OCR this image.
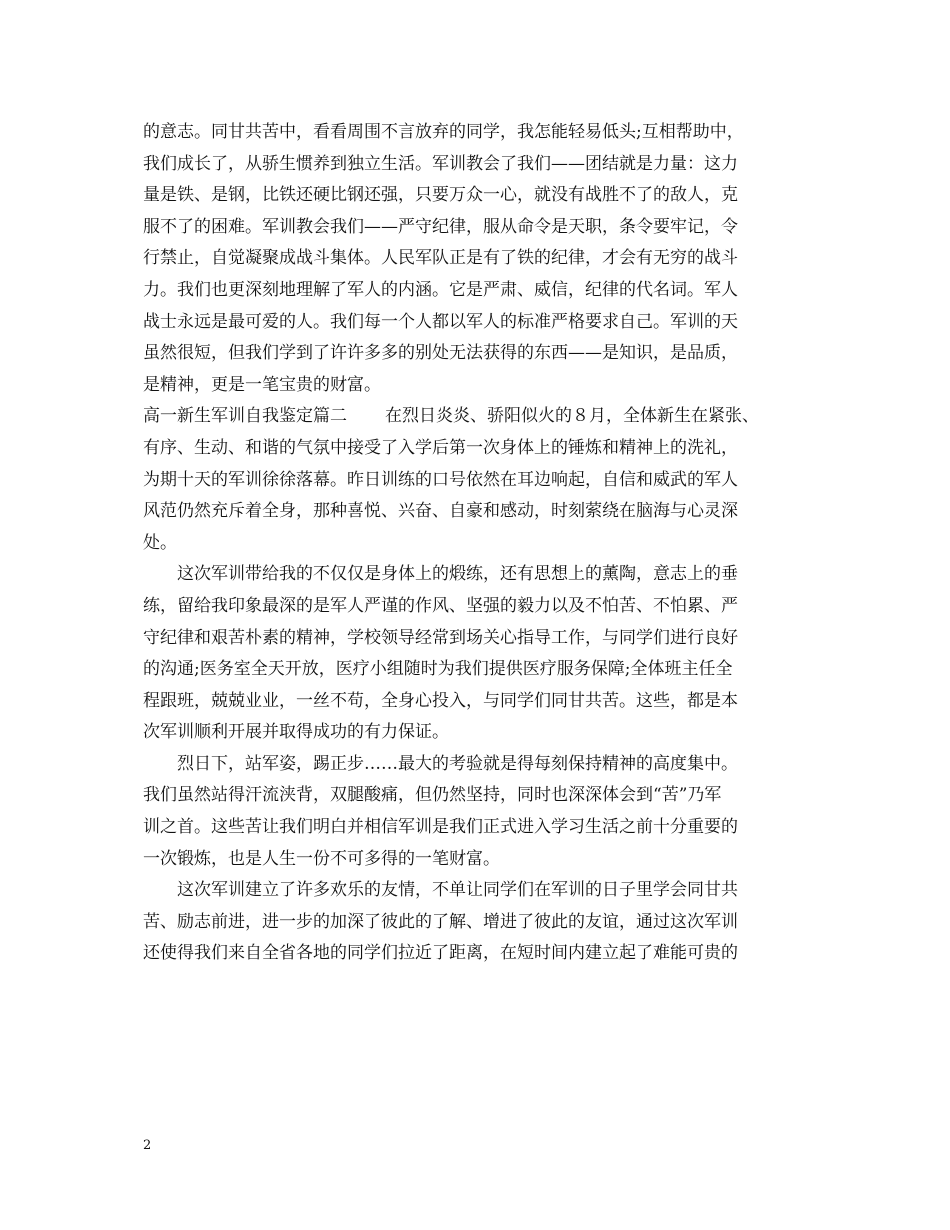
的意志。同甘共苦中，看看周围不言放弃的同学，我怎能轻易低头;互相帮助中，
我们成长了，从骄生惯养到独立生活。军训教会了我们——团结就是力量：这力
量是铁、是钢，比铁还硬比钢还强，只要万众一心，就没有战胜不了的敌人，克
服不了的困难。军训教会我们——严守纪律，服从命令是天职，条令要牢记，令
行禁止，自觉凝聚成战斗集体。人民军队正是有了铁的纪律，才会有无穷的战斗
力。我们也更深刻地理解了军人的内涵。它是严肃、威信，纪律的代名词。军人
战士永远是最可爱的人。我们每一个人都以军人的标准严格要求自己。军训的天
虽然很短，但我们学到了许许多多的别处无法获得的东西——是知识，是品质，
是精神，更是一笔宝贵的财富。
高一新生军训自我鉴定篇二 在烈日炎炎、骄阳似火的８月，全体新生在紧张、
有序、生动、和谐的气氛中接受了入学后第一次身体上的锤炼和精神上的洗礼，
为期十天的军训徐徐落幕。昨日训练的口号依然在耳边响起，自信和威武的军人
风范仍然充斥着全身，那种喜悦、兴奋、自豪和感动，时刻萦绕在脑海与心灵深
处。
　　这次军训带给我的不仅仅是身体上的煅练，还有思想上的薰陶，意志上的垂
练，留给我印象最深的是军人严谨的作风、坚强的毅力以及不怕苦、不怕累、严
守纪律和艰苦朴素的精神，学校领导经常到场关心指导工作，与同学们进行良好
的沟通;医务室全天开放，医疗小组随时为我们提供医疗服务保障;全体班主任全
程跟班，兢兢业业，一丝不苟，全身心投入，与同学们同甘共苦。这些，都是本
次军训顺利开展并取得成功的有力保证。
　　烈日下，站军姿，踢正步……最大的考验就是得每刻保持精神的高度集中。
我们虽然站得汗流浃背，双腿酸痛，但仍然坚持，同时也深深体会到“苦”乃军
训之首。这些苦让我们明白并相信军训是我们正式进入学习生活之前十分重要的
一次锻炼，也是人生一份不可多得的一笔财富。
　　这次军训建立了许多欢乐的友情，不单让同学们在军训的日子里学会同甘共
苦、励志前进，进一步的加深了彼此的了解、增进了彼此的友谊，通过这次军训
还使得我们来自全省各地的同学们拉近了距离，在短时间内建立起了难能可贵的
2
